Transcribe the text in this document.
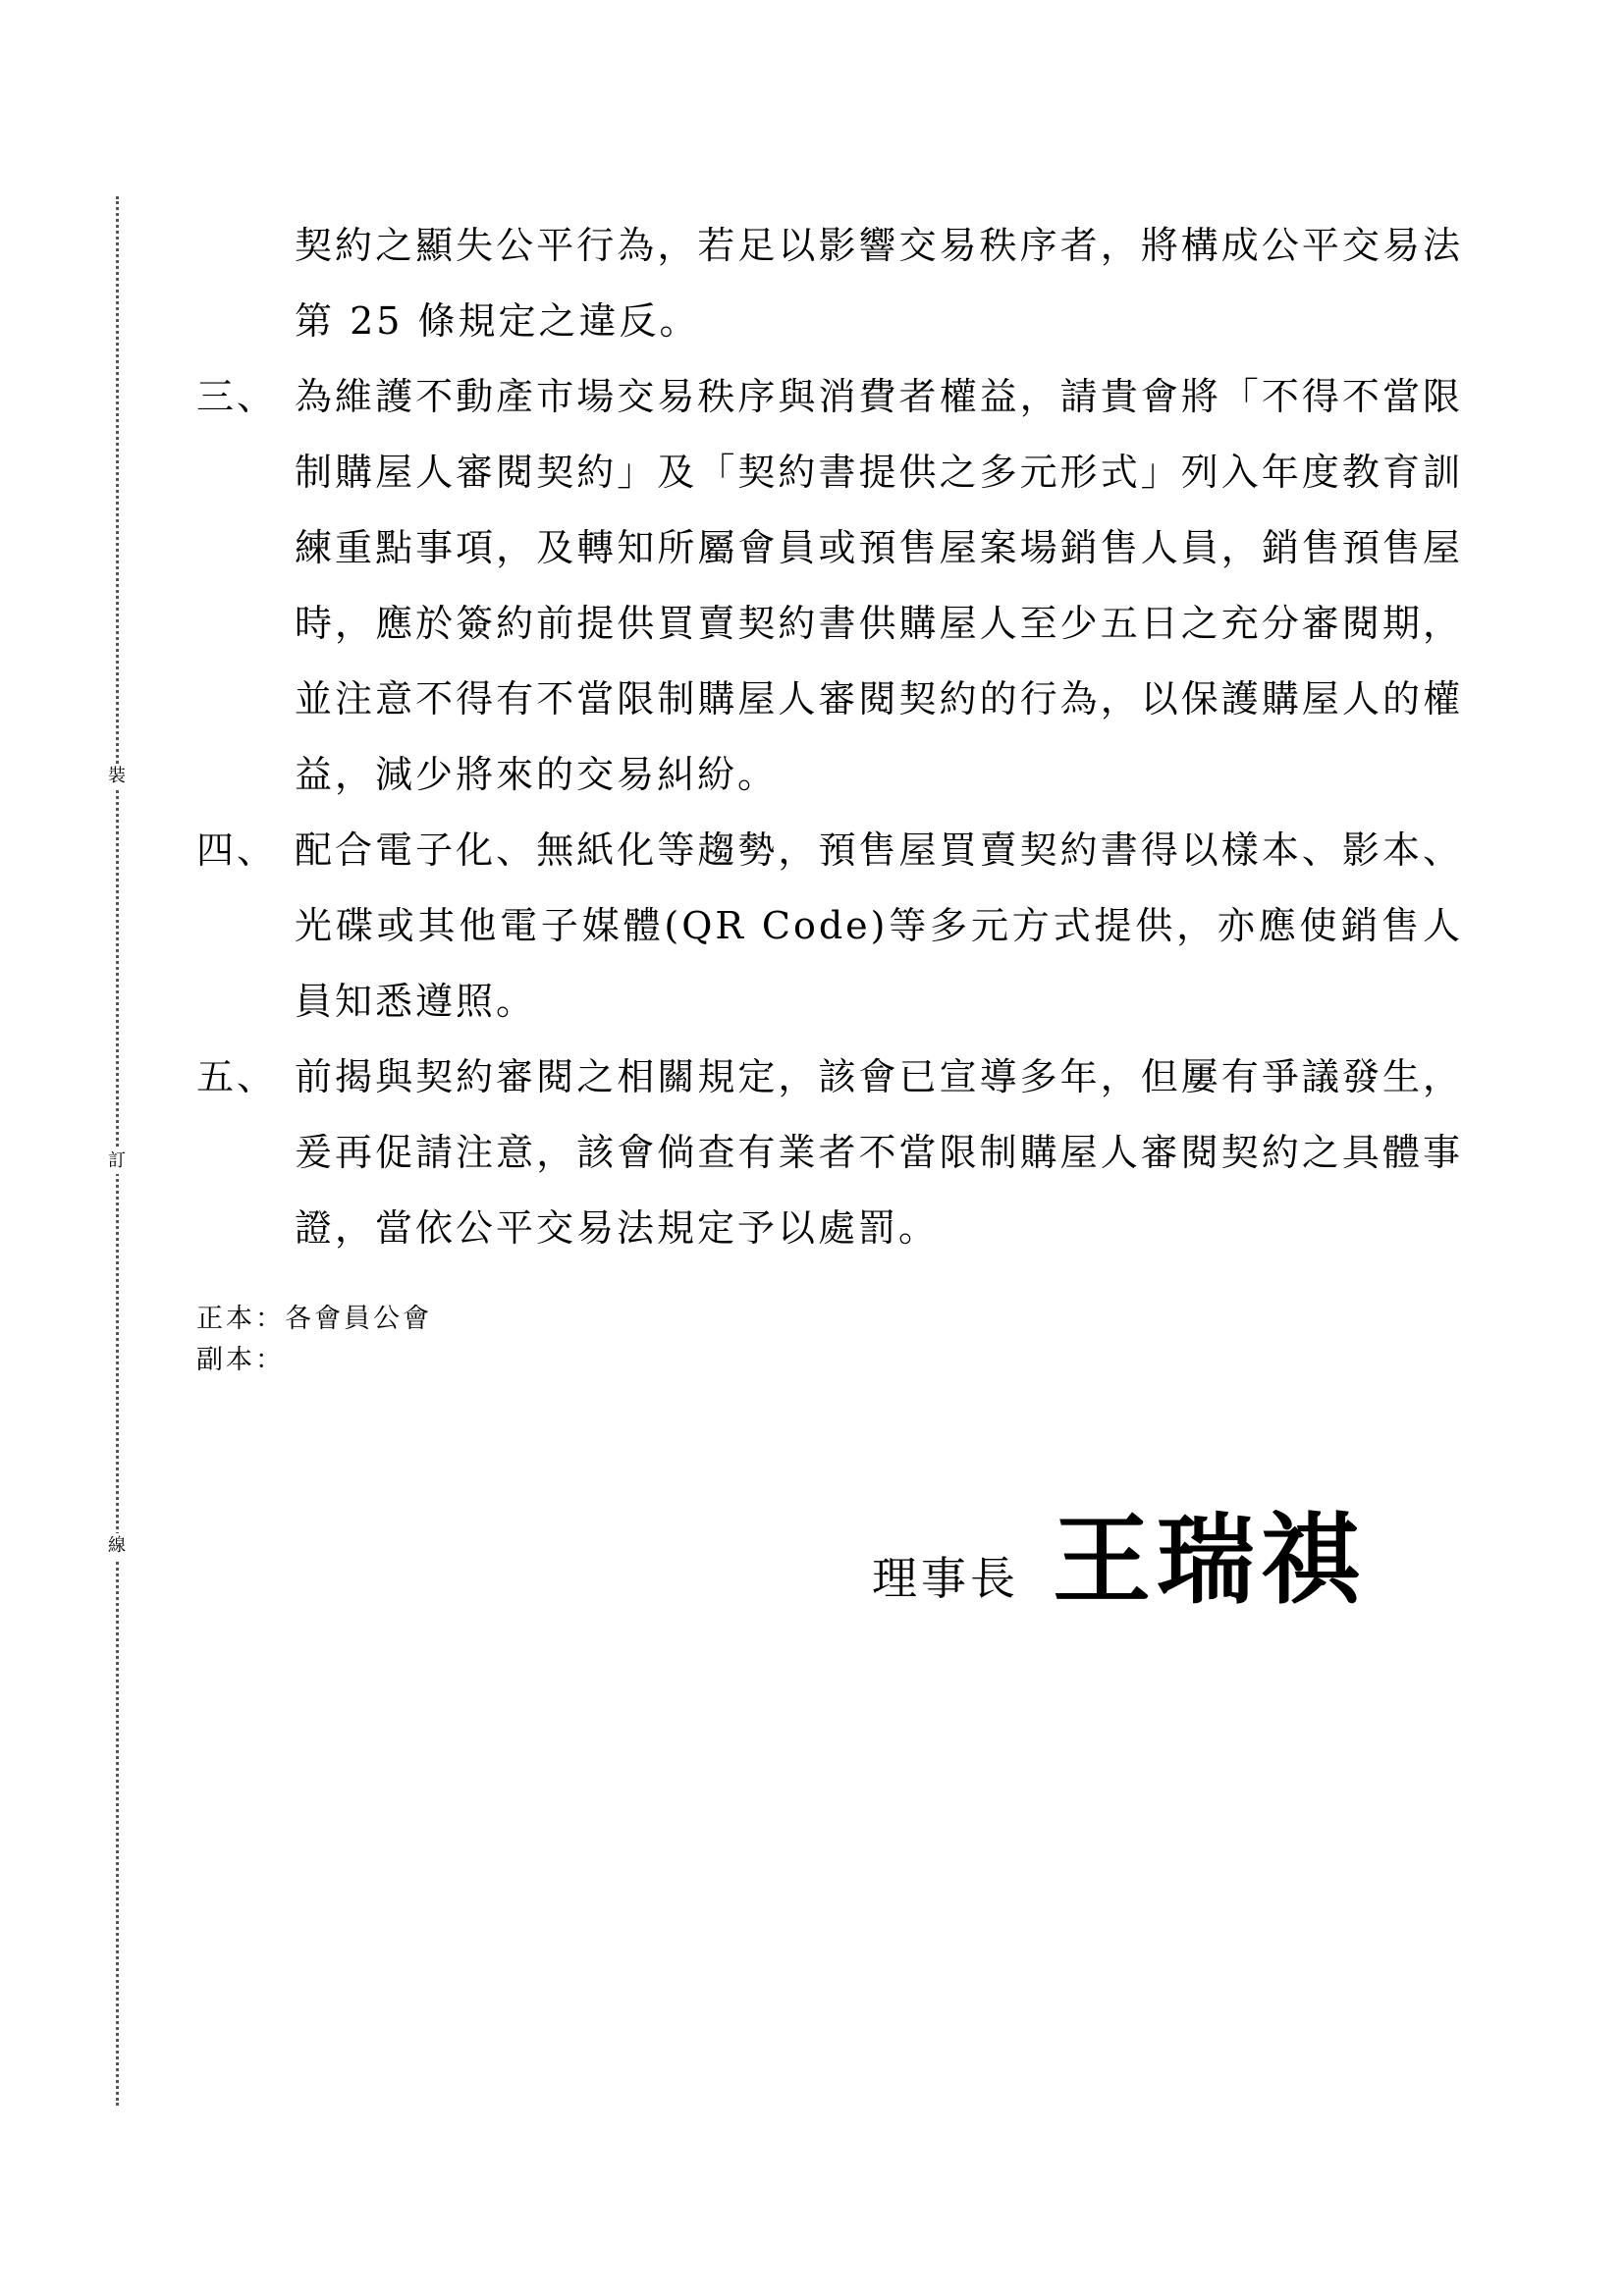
裝
訂
線
契約之顯失公平行為，若足以影響交易秩序者，將構成公平交易法第 25 條規定之違反。
三、 為維護不動產市場交易秩序與消費者權益，請貴會將「不得不當限制購屋人審閱契約」及「契約書提供之多元形式」列入年度教育訓練重點事項，及轉知所屬會員或預售屋案場銷售人員，銷售預售屋時，應於簽約前提供買賣契約書供購屋人至少五日之充分審閱期，並注意不得有不當限制購屋人審閱契約的行為，以保護購屋人的權益，減少將來的交易糾紛。
四、 配合電子化、無紙化等趨勢，預售屋買賣契約書得以樣本、影本、光碟或其他電子媒體(QR Code)等多元方式提供，亦應使銷售人員知悉遵照。
五、 前揭與契約審閱之相關規定，該會已宣導多年，但屢有爭議發生，爰再促請注意，該會倘查有業者不當限制購屋人審閱契約之具體事證，當依公平交易法規定予以處罰。
正本： 各會員公會
副本：
理事長 王瑞祺
